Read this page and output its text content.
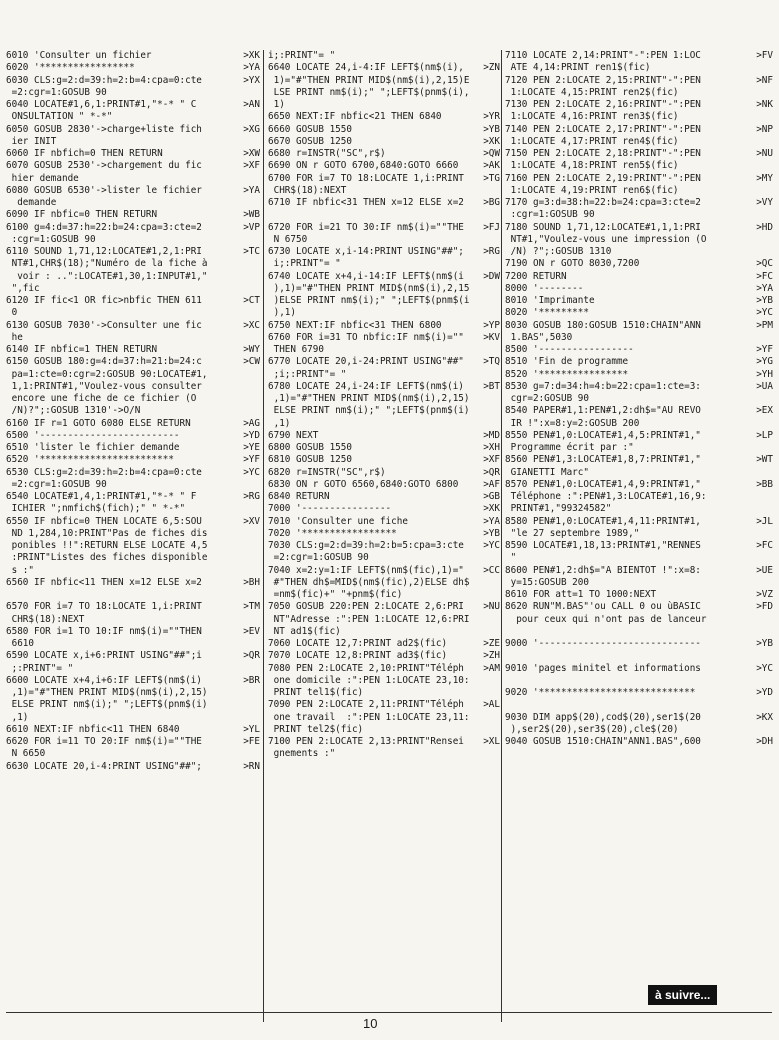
6010 'Consulter un fichier	>XK
6020 '*****************	>YA
6030 CLS:g=2:d=39:h=2:b=4:cpa=0:cte	>YX
=2:cgr=1:GOSUB 90
6040 LOCATE#1,6,1:PRINT#1,"*-* " C	>AN
ONSULTATION " *-*"
6050 GOSUB 2830'->charge+liste fich	>XG
ier INIT
6060 IF nbfich=0 THEN RETURN	>XW
6070 GOSUB 2530'->chargement du fic	>XF
hier demande
6080 GOSUB 6530'->lister le fichier	>YA
demande
6090 IF nbfic=0 THEN RETURN	>WB
6100 g=4:d=37:h=22:b=24:cpa=3:cte=2	>VP
:cgr=1:GOSUB 90
6110 SOUND 1,71,12:LOCATE#1,2,1:PRI	>TC
NT#1,CHR$(18);"Numéro de la fiche à
voir : ..":LOCATE#1,30,1:INPUT#1,"
",fic
6120 IF fic<1 OR fic>nbfic THEN 611	>CT
0
6130 GOSUB 7030'->Consulter une fic	>XC
he
6140 IF nbfic=1 THEN RETURN	>WY
6150 GOSUB 180:g=4:d=37:h=21:b=24:c	>CW
pa=1:cte=0:cgr=2:GOSUB 90:LOCATE#1,
1,1:PRINT#1,"Voulez-vous consulter
encore une fiche de ce fichier (O
/N)?";:GOSUB 1310'->O/N
6160 IF r=1 GOTO 6080 ELSE RETURN	>AG
6500 '-------------------------	>YD
6510 'lister le fichier demande	>YE
6520 '************************	>YF
6530 CLS:g=2:d=39:h=2:b=4:cpa=0:cte	>YC
=2:cgr=1:GOSUB 90
6540 LOCATE#1,4,1:PRINT#1,"*-* " F	>RG
ICHIER ";nmfich$(fich);" " *-*"
6550 IF nbfic=0 THEN LOCATE 6,5:SOU	>XV
ND 1,284,10:PRINT"Pas de fiches dis
ponibles !!":RETURN ELSE LOCATE 4,5
:PRINT"Listes des fiches disponible
s :"
6560 IF nbfic<11 THEN x=12 ELSE x=2	>BH
6570 FOR i=7 TO 18:LOCATE 1,i:PRINT	>TM
CHR$(18):NEXT
6580 FOR i=1 TO 10:IF nm$(i)=""THEN	>EV
6610
6590 LOCATE x,i+6:PRINT USING"##";i	>QR
;:PRINT"= "
6600 LOCATE x+4,i+6:IF LEFT$(nm$(i)	>BR
,1)="#"THEN PRINT MID$(nm$(i),2,15)
ELSE PRINT nm$(i);" ";LEFT$(pnm$(i)
,1)
6610 NEXT:IF nbfic<11 THEN 6840	>YL
6620 FOR i=11 TO 20:IF nm$(i)=""THE	>FE
N 6650
6630 LOCATE 20,i-4:PRINT USING"##";	>RN
i;:PRINT"= "
6640 LOCATE 24,i-4:IF LEFT$(nm$(i), >ZN
1)="#"THEN PRINT MID$(nm$(i),2,15)E
LSE PRINT nm$(i);" ";LEFT$(pnm$(i),
1)
6650 NEXT:IF nbfic<21 THEN 6840	>YR
6660 GOSUB 1550	>YB
6670 GOSUB 1250	>XK
6680 r=INSTR("SC",r$)	>QW
6690 ON r GOTO 6700,6840:GOTO 6660	>AK
6700 FOR i=7 TO 18:LOCATE 1,i:PRINT >TG
CHR$(18):NEXT
6710 IF nbfic<31 THEN x=12 ELSE x=2 >BG
6720 FOR i=21 TO 30:IF nm$(i)=""THE >FJ
N 6750
6730 LOCATE x,i-14:PRINT USING"##"; >RG
i;:PRINT"= "
6740 LOCATE x+4,i-14:IF LEFT$(nm$(i >DW
),1)="#"THEN PRINT MID$(nm$(i),2,15
)ELSE PRINT nm$(i);" ";LEFT$(pnm$(i
),1)
6750 NEXT:IF nbfic<31 THEN 6800	>YP
6760 FOR i=31 TO nbfic:IF nm$(i)="" >KV
THEN 6790
6770 LOCATE 20,i-24:PRINT USING"##" >TQ
;i;:PRINT"= "
6780 LOCATE 24,i-24:IF LEFT$(nm$(i) >BT
,1)="#"THEN PRINT MID$(nm$(i),2,15)
ELSE PRINT nm$(i);" ";LEFT$(pnm$(i)
,1)
6790 NEXT	>MD
6800 GOSUB 1550	>XH
6810 GOSUB 1250	>XF
6820 r=INSTR("SC",r$)	>QR
6830 ON r GOTO 6560,6840:GOTO 6800	>AF
6840 RETURN	>GB
7000 '----------------	>XK
7010 'Consulter une fiche	>YA
7020 '*****************	>YB
7030 CLS:g=2:d=39:h=2:b=5:cpa=3:cte >YC
=2:cgr=1:GOSUB 90
7040 x=2:y=1:IF LEFT$(nm$(fic),1)=" >CC
#"THEN dh$=MID$(nm$(fic),2)ELSE dh$
=nm$(fic)+" "+pnm$(fic)
7050 GOSUB 220:PEN 2:LOCATE 2,6:PRI >NU
NT"Adresse :":PEN 1:LOCATE 12,6:PRI
NT ad1$(fic)
7060 LOCATE 12,7:PRINT ad2$(fic)	>ZE
7070 LOCATE 12,8:PRINT ad3$(fic)	>ZH
7080 PEN 2:LOCATE 2,10:PRINT"Téléph >AM
one domicile :":PEN 1:LOCATE 23,10:
PRINT tel1$(fic)
7090 PEN 2:LOCATE 2,11:PRINT"Téléph >AL
one travail  :":PEN 1:LOCATE 23,11:
PRINT tel2$(fic)
7100 PEN 2:LOCATE 2,13:PRINT"Rensei >XL
gnements :"
7110 LOCATE 2,14:PRINT"-":PEN 1:LOC	>FV
ATE 4,14:PRINT ren1$(fic)
7120 PEN 2:LOCATE 2,15:PRINT"-":PEN	>NF
1:LOCATE 4,15:PRINT ren2$(fic)
7130 PEN 2:LOCATE 2,16:PRINT"-":PEN	>NK
1:LOCATE 4,16:PRINT ren3$(fic)
7140 PEN 2:LOCATE 2,17:PRINT"-":PEN	>NP
1:LOCATE 4,17:PRINT ren4$(fic)
7150 PEN 2:LOCATE 2,18:PRINT"-":PEN	>NU
1:LOCATE 4,18:PRINT ren5$(fic)
7160 PEN 2:LOCATE 2,19:PRINT"-":PEN	>MY
1:LOCATE 4,19:PRINT ren6$(fic)
7170 g=3:d=38:h=22:b=24:cpa=3:cte=2	>VY
:cgr=1:GOSUB 90
7180 SOUND 1,71,12:LOCATE#1,1,1:PRI	>HD
NT#1,"Voulez-vous une impression (O
/N) ?";:GOSUB 1310
7190 ON r GOTO 8030,7200	>QC
7200 RETURN	>FC
8000 '--------	>YA
8010 'Imprimante	>YB
8020 '*********	>YC
8030 GOSUB 180:GOSUB 1510:CHAIN"ANN	>PM
1.BAS",5030
8500 '-----------------	>YF
8510 'Fin de programme	>YG
8520 '****************	>YH
8530 g=7:d=34:h=4:b=22:cpa=1:cte=3:	>UA
cgr=2:GOSUB 90
8540 PAPER#1,1:PEN#1,2:dh$="AU REVO	>EX
IR !":x=8:y=2:GOSUB 200
8550 PEN#1,0:LOCATE#1,4,5:PRINT#1,"	>LP
Programme écrit par :"
8560 PEN#1,3:LOCATE#1,8,7:PRINT#1,"	>WT
GIANETTI Marc"
8570 PEN#1,0:LOCATE#1,4,9:PRINT#1,"	>BB
Téléphone :":PEN#1,3:LOCATE#1,16,9:
PRINT#1,"99324582"
8580 PEN#1,0:LOCATE#1,4,11:PRINT#1,	>JL
"le 27 septembre 1989,"
8590 LOCATE#1,18,13:PRINT#1,"RENNES	>FC
"
8600 PEN#1,2:dh$="A BIENTOT !":x=8:	>UE
y=15:GOSUB 200
8610 FOR att=1 TO 1000:NEXT	>VZ
8620 RUN"M.BAS"'ou CALL 0 ou ùBASIC	>FD
pour ceux qui n'ont pas de lanceur
9000 '-----------------------------	>YB
9010 'pages minitel et informations	>YC
9020 '****************************	>YD
9030 DIM app$(20),cod$(20),ser1$(20	>KX
),ser2$(20),ser3$(20),cle$(20)
9040 GOSUB 1510:CHAIN"ANN1.BAS",600	>DH
à suivre...
10
